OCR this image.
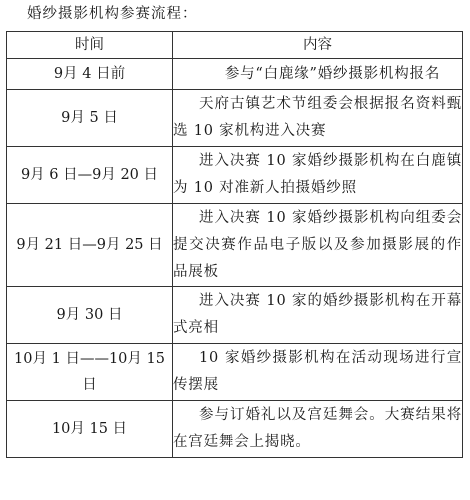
婚纱摄影机构参赛流程：
时间	内容
9月 4 日前	参与“白鹿缘”婚纱摄影机构报名
9月 5 日	天府古镇艺术节组委会根据报名资料甄选 10 家机构进入决赛
9月 6 日—9月 20 日	进入决赛 10 家婚纱摄影机构在白鹿镇为 10 对准新人拍摄婚纱照
9月 21 日—9月 25 日	进入决赛 10 家婚纱摄影机构向组委会提交决赛作品电子版以及参加摄影展的作品展板
9月 30 日	进入决赛 10 家的婚纱摄影机构在开幕式亮相
10月 1 日——10月 15 日	10 家婚纱摄影机构在活动现场进行宣传摆展
10月 15 日	参与订婚礼以及宫廷舞会。大赛结果将在宫廷舞会上揭晓。
